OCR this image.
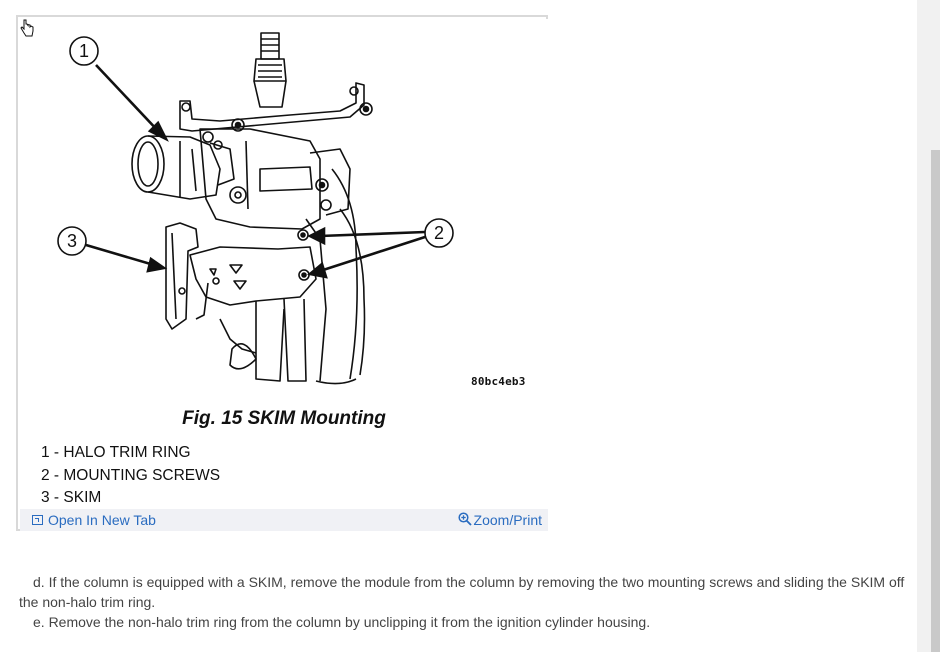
1
3	2
80bc4eb3
Fig. 15 SKIM Mounting
1 - HALO TRIM RING
2 - MOUNTING SCREWS
3 - SKIM
Open In New Tab	Zoom/Print

d. If the column is equipped with a SKIM, remove the module from the column by removing the two mounting screws and sliding the SKIM off the non-halo trim ring.

e. Remove the non-halo trim ring from the column by unclipping it from the ignition cylinder housing.
